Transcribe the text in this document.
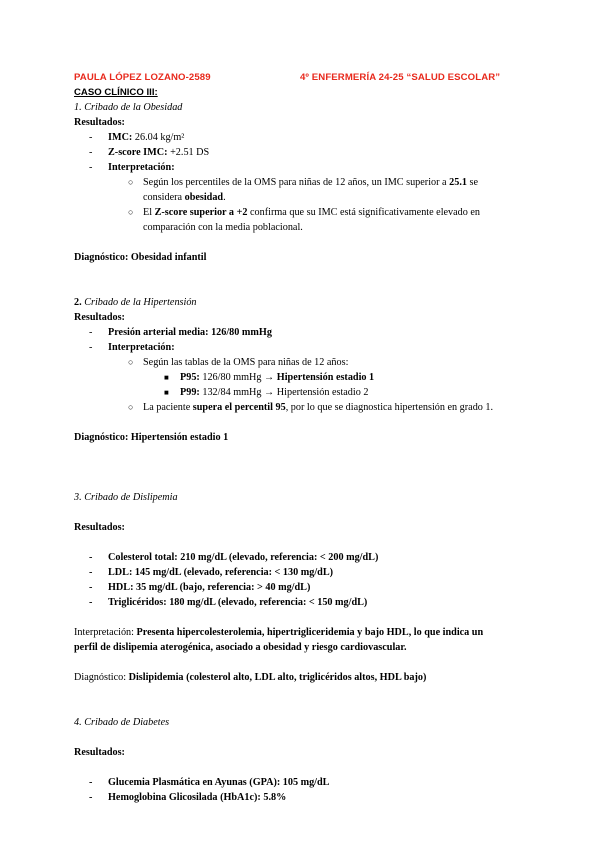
PAULA LÓPEZ LOZANO-2589	4º ENFERMERÍA 24-25 “SALUD ESCOLAR”
CASO CLÍNICO III:
1. Cribado de la Obesidad
Resultados:
- IMC: 26.04 kg/m²
- Z-score IMC: +2.51 DS
- Interpretación:
○ Según los percentiles de la OMS para niñas de 12 años, un IMC superior a 25.1 se
considera obesidad.
○ El Z-score superior a +2 confirma que su IMC está significativamente elevado en
comparación con la media poblacional.
Diagnóstico: Obesidad infantil
2. Cribado de la Hipertensión
Resultados:
- Presión arterial media: 126/80 mmHg
- Interpretación:
○ Según las tablas de la OMS para niñas de 12 años:
■ P95: 126/80 mmHg → Hipertensión estadio 1
■ P99: 132/84 mmHg → Hipertensión estadio 2
○ La paciente supera el percentil 95, por lo que se diagnostica hipertensión en grado 1.
Diagnóstico: Hipertensión estadio 1
3. Cribado de Dislipemia
Resultados:
- Colesterol total: 210 mg/dL (elevado, referencia: < 200 mg/dL)
- LDL: 145 mg/dL (elevado, referencia: < 130 mg/dL)
- HDL: 35 mg/dL (bajo, referencia: > 40 mg/dL)
- Triglicéridos: 180 mg/dL (elevado, referencia: < 150 mg/dL)
Interpretación: Presenta hipercolesterolemia, hipertrigliceridemia y bajo HDL, lo que indica un
perfil de dislipemia aterogénica, asociado a obesidad y riesgo cardiovascular.
Diagnóstico: Dislipidemia (colesterol alto, LDL alto, triglicéridos altos, HDL bajo)
4. Cribado de Diabetes
Resultados:
- Glucemia Plasmática en Ayunas (GPA): 105 mg/dL
- Hemoglobina Glicosilada (HbA1c): 5.8%
